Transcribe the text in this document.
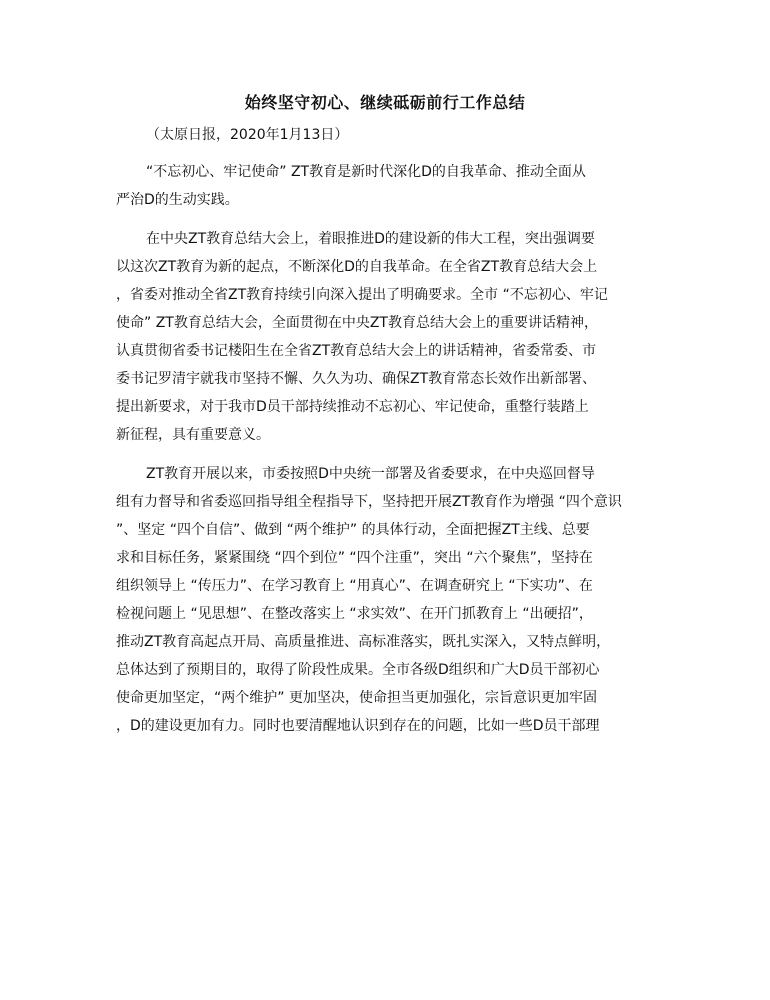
始终坚守初心、继续砥砺前行工作总结

（太原日报，2020年1月13日）

“不忘初心、牢记使命” ZT教育是新时代深化D的自我革命、推动全面从
严治D的生动实践。

在中央ZT教育总结大会上，着眼推进D的建设新的伟大工程，突出强调要
以这次ZT教育为新的起点，不断深化D的自我革命。在全省ZT教育总结大会上
，省委对推动全省ZT教育持续引向深入提出了明确要求。全市 “不忘初心、牢记
使命” ZT教育总结大会，全面贯彻在中央ZT教育总结大会上的重要讲话精神，
认真贯彻省委书记楼阳生在全省ZT教育总结大会上的讲话精神，省委常委、市
委书记罗清宇就我市坚持不懈、久久为功、确保ZT教育常态长效作出新部署、
提出新要求，对于我市D员干部持续推动不忘初心、牢记使命，重整行装踏上
新征程，具有重要意义。

ZT教育开展以来，市委按照D中央统一部署及省委要求，在中央巡回督导
组有力督导和省委巡回指导组全程指导下，坚持把开展ZT教育作为增强 “四个意识
”、坚定 “四个自信”、做到 “两个维护” 的具体行动，全面把握ZT主线、总要
求和目标任务，紧紧围绕 “四个到位” “四个注重”，突出 “六个聚焦”，坚持在
组织领导上 “传压力”、在学习教育上 “用真心”、在调查研究上 “下实功”、在
检视问题上 “见思想”、在整改落实上 “求实效”、在开门抓教育上 “出硬招”，
推动ZT教育高起点开局、高质量推进、高标准落实，既扎实深入，又特点鲜明，
总体达到了预期目的，取得了阶段性成果。全市各级D组织和广大D员干部初心
使命更加坚定，“两个维护” 更加坚决，使命担当更加强化，宗旨意识更加牢固
，D的建设更加有力。同时也要清醒地认识到存在的问题，比如一些D员干部理
